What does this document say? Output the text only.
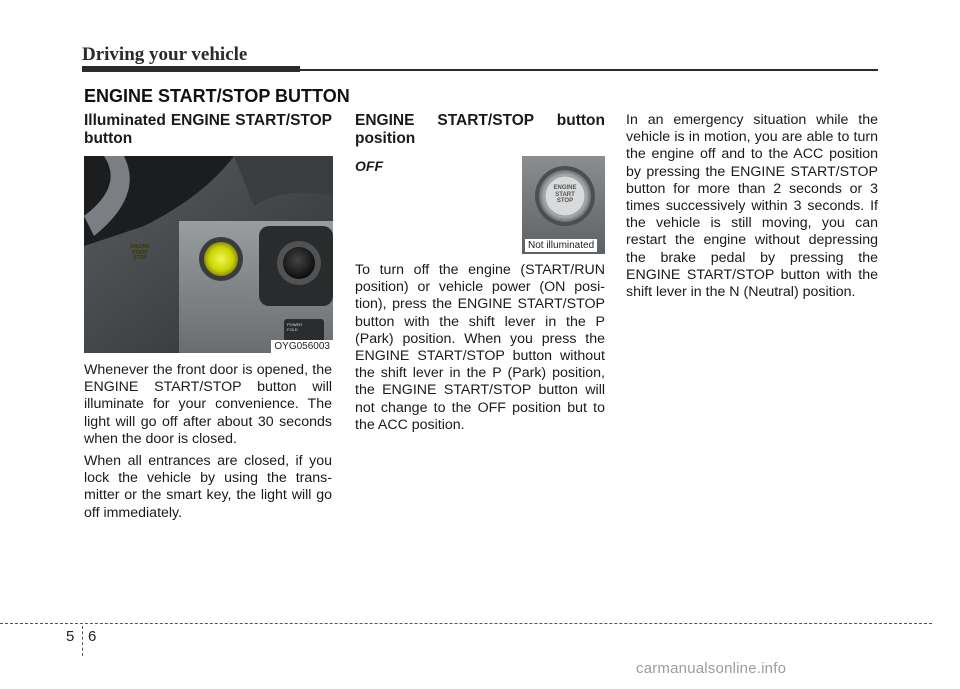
Driving your vehicle
ENGINE START/STOP BUTTON
Illuminated ENGINE START/STOP button
ENGINE START STOP
POWER FOLD
OYG056003

Whenever the front door is opened, the ENGINE START/STOP button will illuminate for your convenience. The light will go off after about 30 seconds when the door is closed.

When all entrances are closed, if you lock the vehicle by using the trans-mitter or the smart key, the light will go off immediately.

ENGINE START/STOP button position
OFF
ENGINE START STOP
Not illuminated

To turn off the engine (START/RUN position) or vehicle power (ON posi-tion), press the ENGINE START/STOP button with the shift lever in the P (Park) position. When you press the ENGINE START/STOP button without the shift lever in the P (Park) position, the ENGINE START/STOP button will not change to the OFF position but to the ACC position.

In an emergency situation while the vehicle is in motion, you are able to turn the engine off and to the ACC position by pressing the ENGINE START/STOP button for more than 2 seconds or 3 times successively within 3 seconds. If the vehicle is still moving, you can restart the engine without depressing the brake pedal by pressing the ENGINE START/STOP button with the shift lever in the N (Neutral) position.

5 6
carmanualsonline.info
